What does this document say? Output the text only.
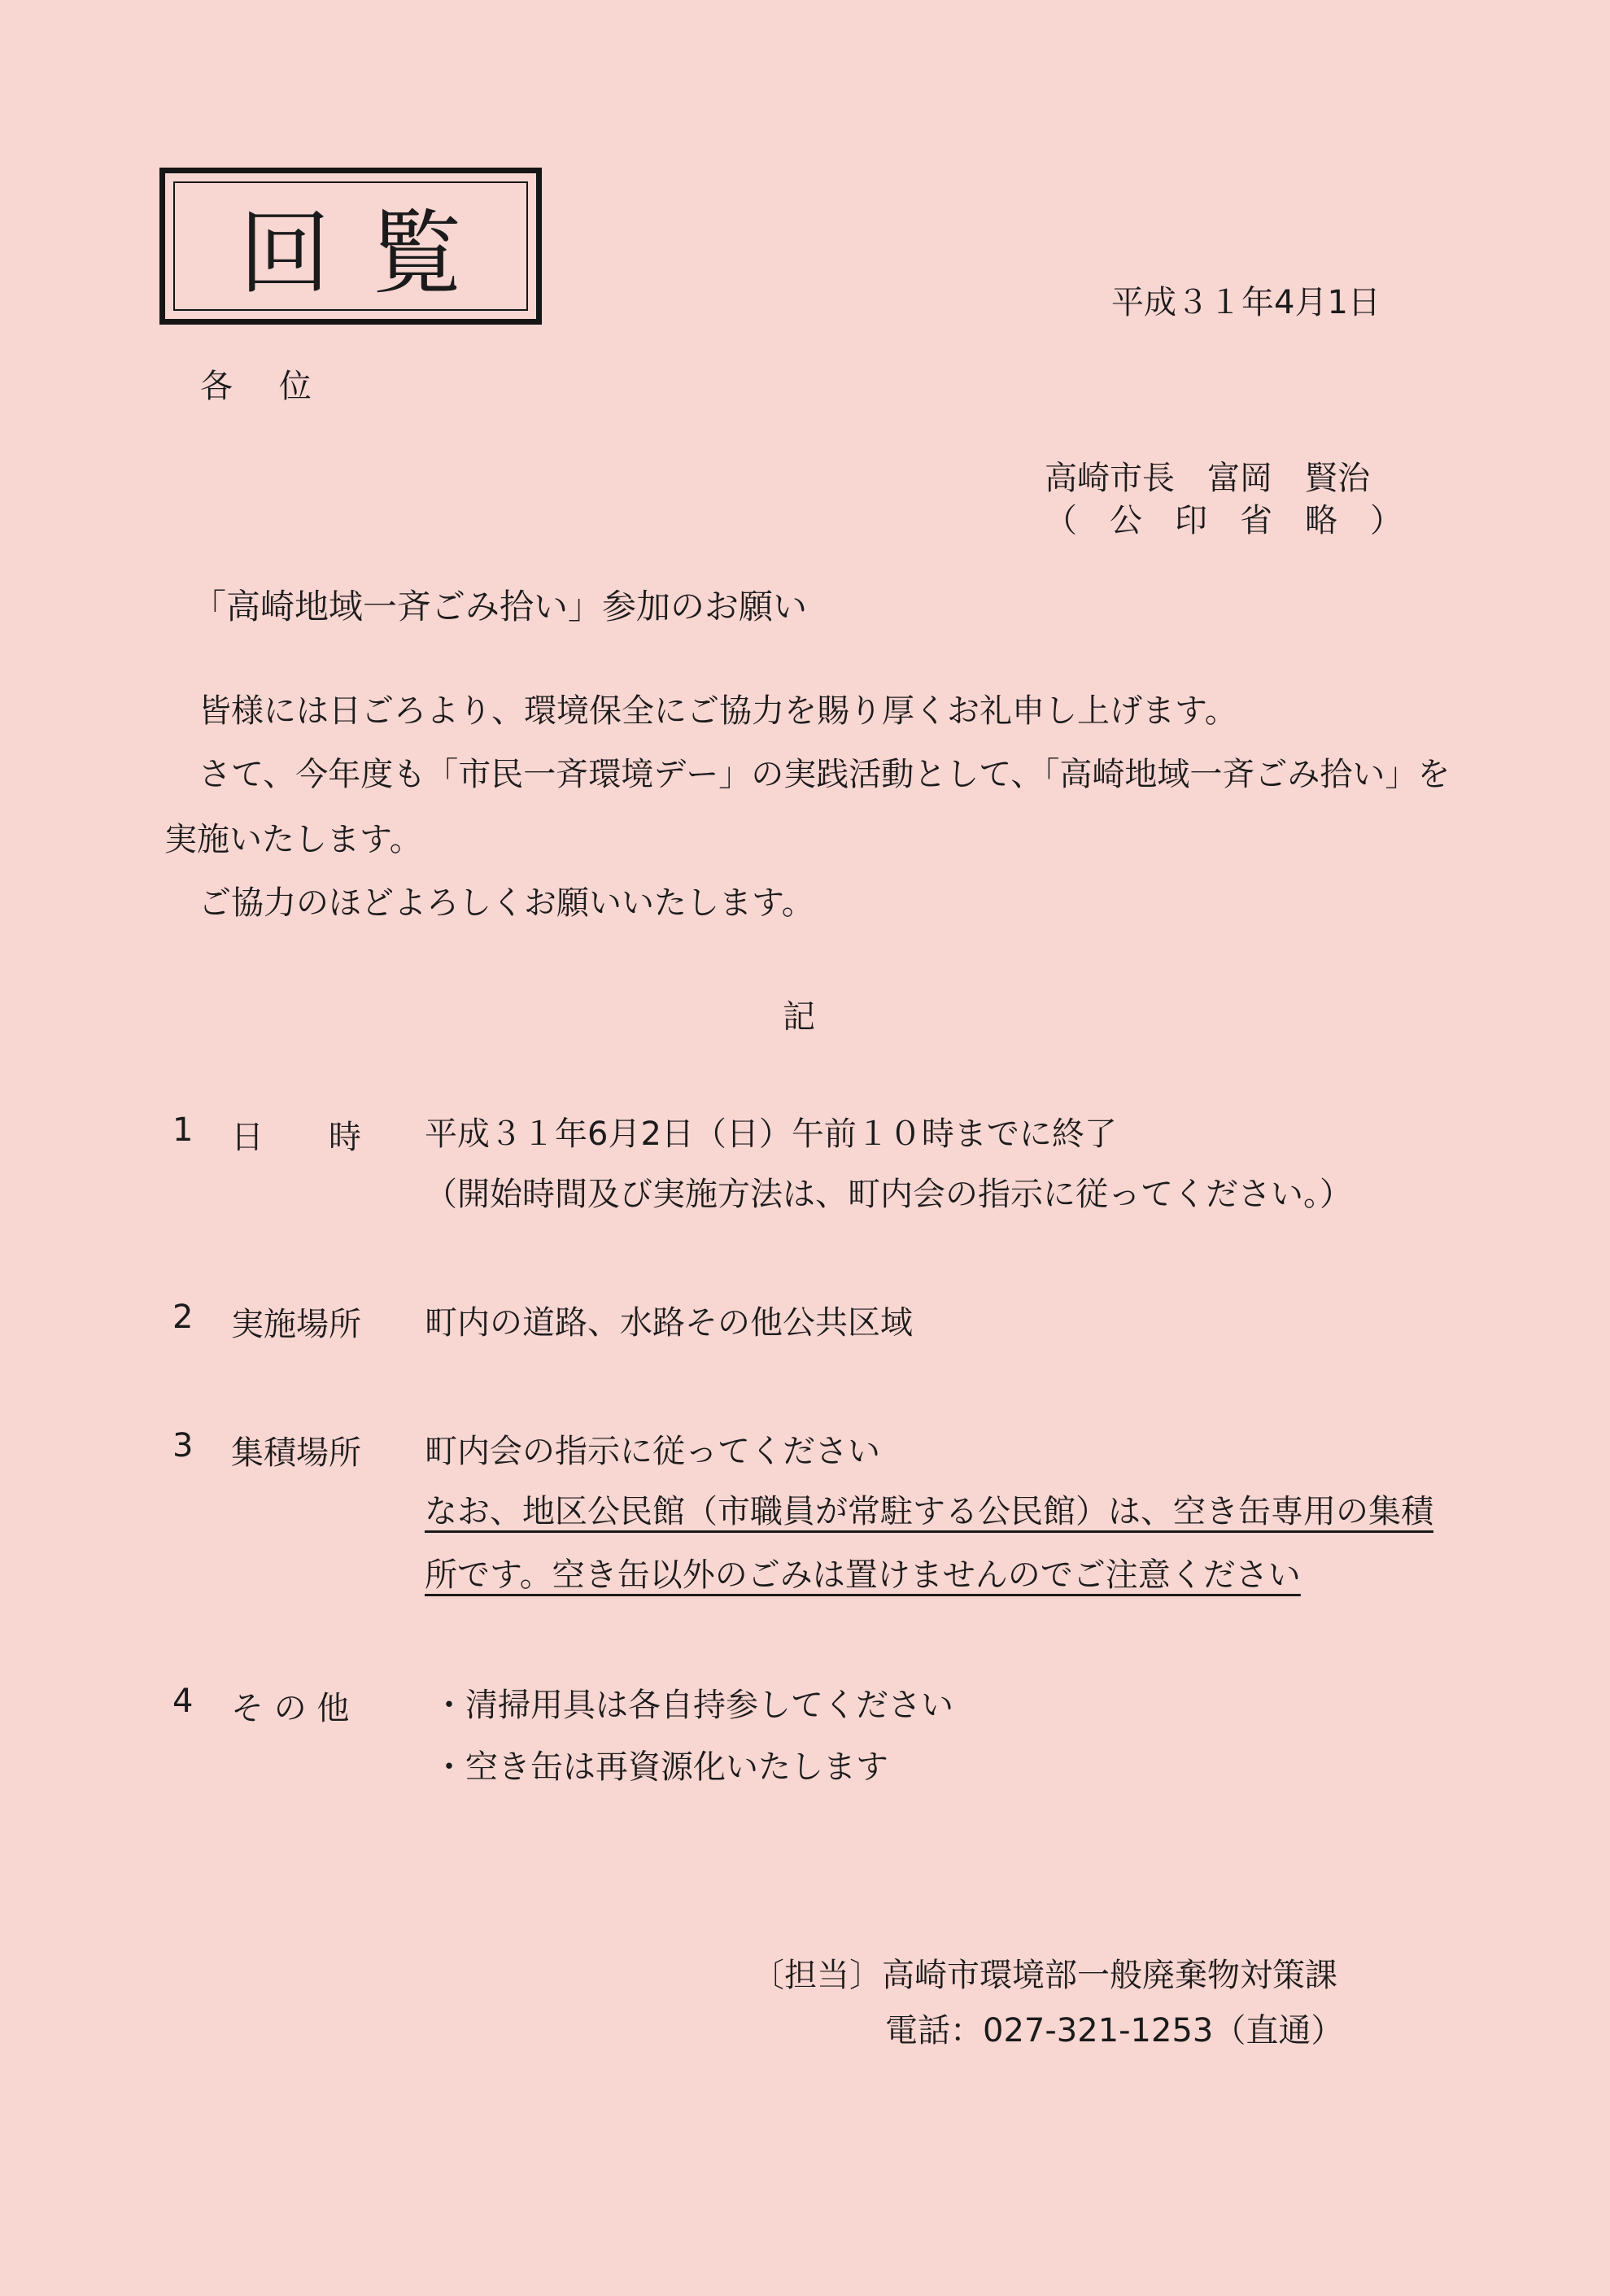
回覧	平成３１年4月1日
各 位
高崎市長　富岡　賢治
（　公　印　省　略　）
「高崎地域一斉ごみ拾い」参加のお願い
皆様には日ごろより、環境保全にご協力を賜り厚くお礼申し上げます。
さて、今年度も「市民一斉環境デー」の実践活動として、「高崎地域一斉ごみ拾い」を
実施いたします。
ご協力のほどよろしくお願いいたします。
記
1 日　　時 平成３１年6月2日（日）午前１０時までに終了
（開始時間及び実施方法は、町内会の指示に従ってください。）
2 実施場所 町内の道路、水路その他公共区域
3 集積場所 町内会の指示に従ってください
なお、地区公民館（市職員が常駐する公民館）は、空き缶専用の集積
所です。空き缶以外のごみは置けませんのでご注意ください
4 そ の 他	・清掃用具は各自持参してください
・空き缶は再資源化いたします
〔担当〕高崎市環境部一般廃棄物対策課
電話：027-321-1253（直通）
